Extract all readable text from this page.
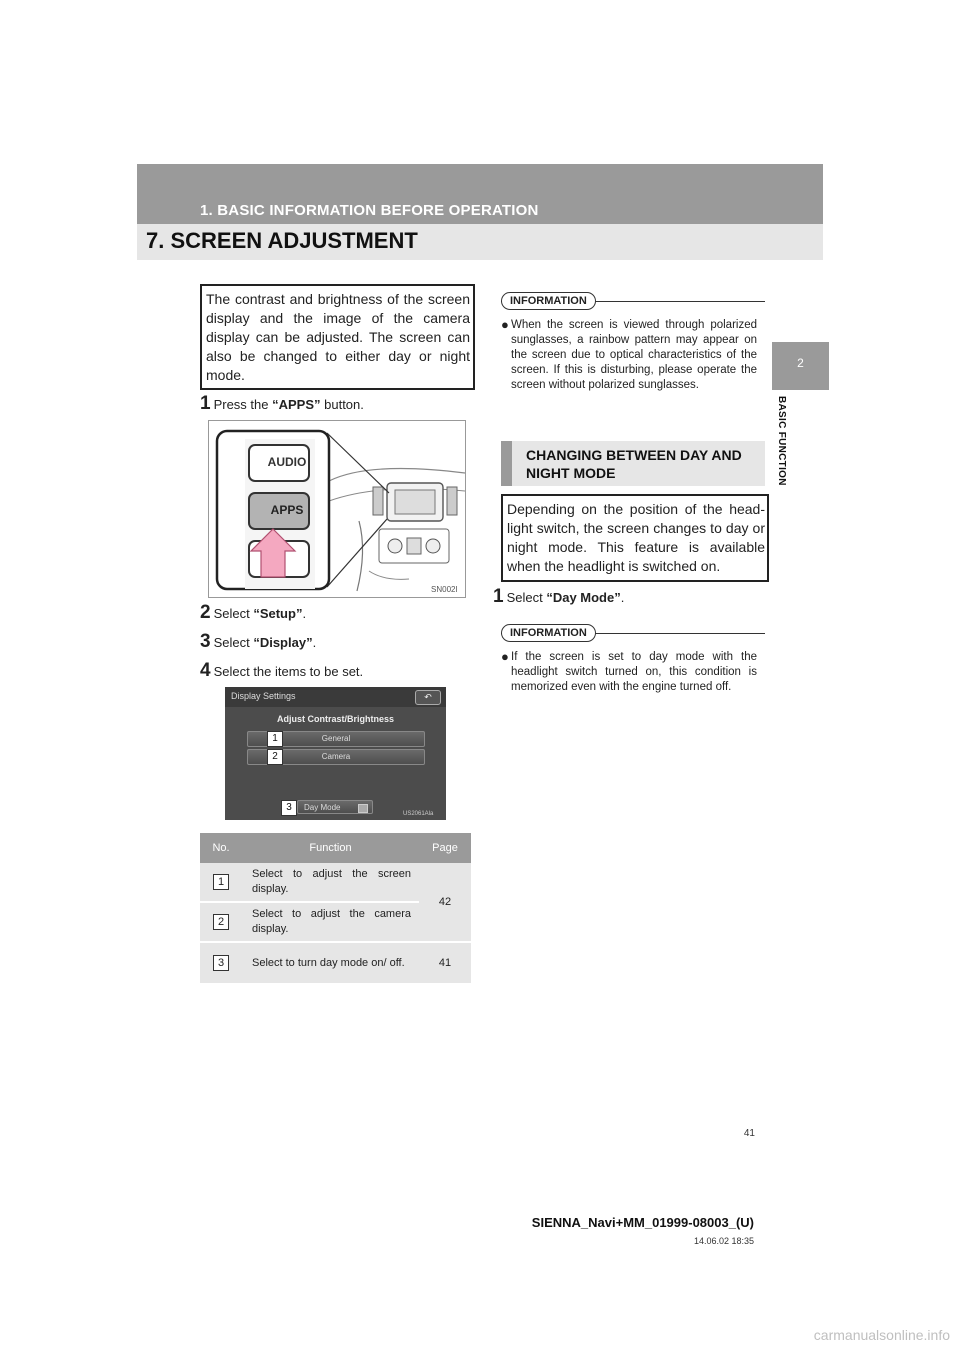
1. BASIC INFORMATION BEFORE OPERATION
7. SCREEN ADJUSTMENT
2
BASIC FUNCTION
The contrast and brightness of the screen display and the image of the camera display can be adjusted. The screen can also be changed to either day or night mode.
1 Press the “APPS” button.
AUDIO
APPS
SN002I
2 Select “Setup”.
3 Select “Display”.
4 Select the items to be set.
Display Settings	↶
Adjust Contrast/Brightness
General
Camera
Day Mode
1
2
3
US2061Ala
No.	Function	Page
1	Select to adjust the screen display.	42
2	Select to adjust the camera display.	
3	Select to turn day mode on/ off.	41
INFORMATION
● When the screen is viewed through polarized sunglasses, a rainbow pattern may appear on the screen due to optical characteristics of the screen. If this is disturbing, please operate the screen without polarized sunglasses.
CHANGING BETWEEN DAY AND NIGHT MODE
Depending on the position of the head-light switch, the screen changes to day or night mode. This feature is available when the headlight is switched on.
1 Select “Day Mode”.
INFORMATION
● If the screen is set to day mode with the headlight switch turned on, this condition is memorized even with the engine turned off.
41
SIENNA_Navi+MM_01999-08003_(U)
14.06.02 18:35
carmanualsonline.info
